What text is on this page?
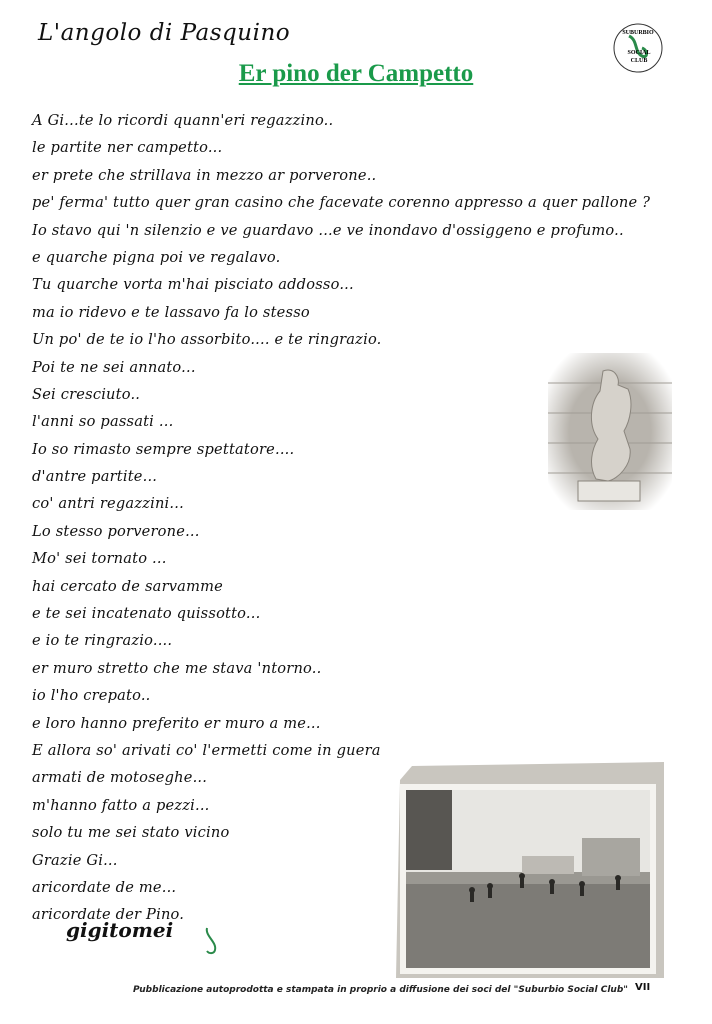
L'angolo di Pasquino	SUBURBIO
SOCIAL
CLUB
Er pino der Campetto
A Gi...te lo ricordi quann'eri regazzino..
le partite ner campetto...
er prete che strillava in mezzo ar porverone..
pe' ferma' tutto quer gran casino che facevate corenno appresso a quer pallone ?
Io stavo qui 'n silenzio e ve guardavo ...e ve inondavo d'ossiggeno e profumo..
e quarche pigna poi ve regalavo.
Tu quarche vorta m'hai pisciato addosso...
ma io ridevo e te lassavo fa lo stesso
Un po' de te io l'ho assorbito.... e te ringrazio.
Poi te ne sei annato...
Sei cresciuto..
l'anni so passati ...
Io so rimasto sempre spettatore....
d'antre partite...
co' antri regazzini...
Lo stesso porverone...
Mo' sei tornato ...
hai cercato de sarvamme
e te sei incatenato quissotto...
e io te ringrazio....
er muro stretto che me stava 'ntorno..
io l'ho crepato..
e loro hanno preferito er muro a me...
E allora so' arivati co' l'ermetti come in guera
armati de motoseghe...
m'hanno fatto a pezzi...
solo tu me sei stato vicino
Grazie Gi...
aricordate de me...
aricordate der Pino.
gigitomei
Pubblicazione autoprodotta e stampata in proprio a diffusione dei soci del "Suburbio Social Club" VII
